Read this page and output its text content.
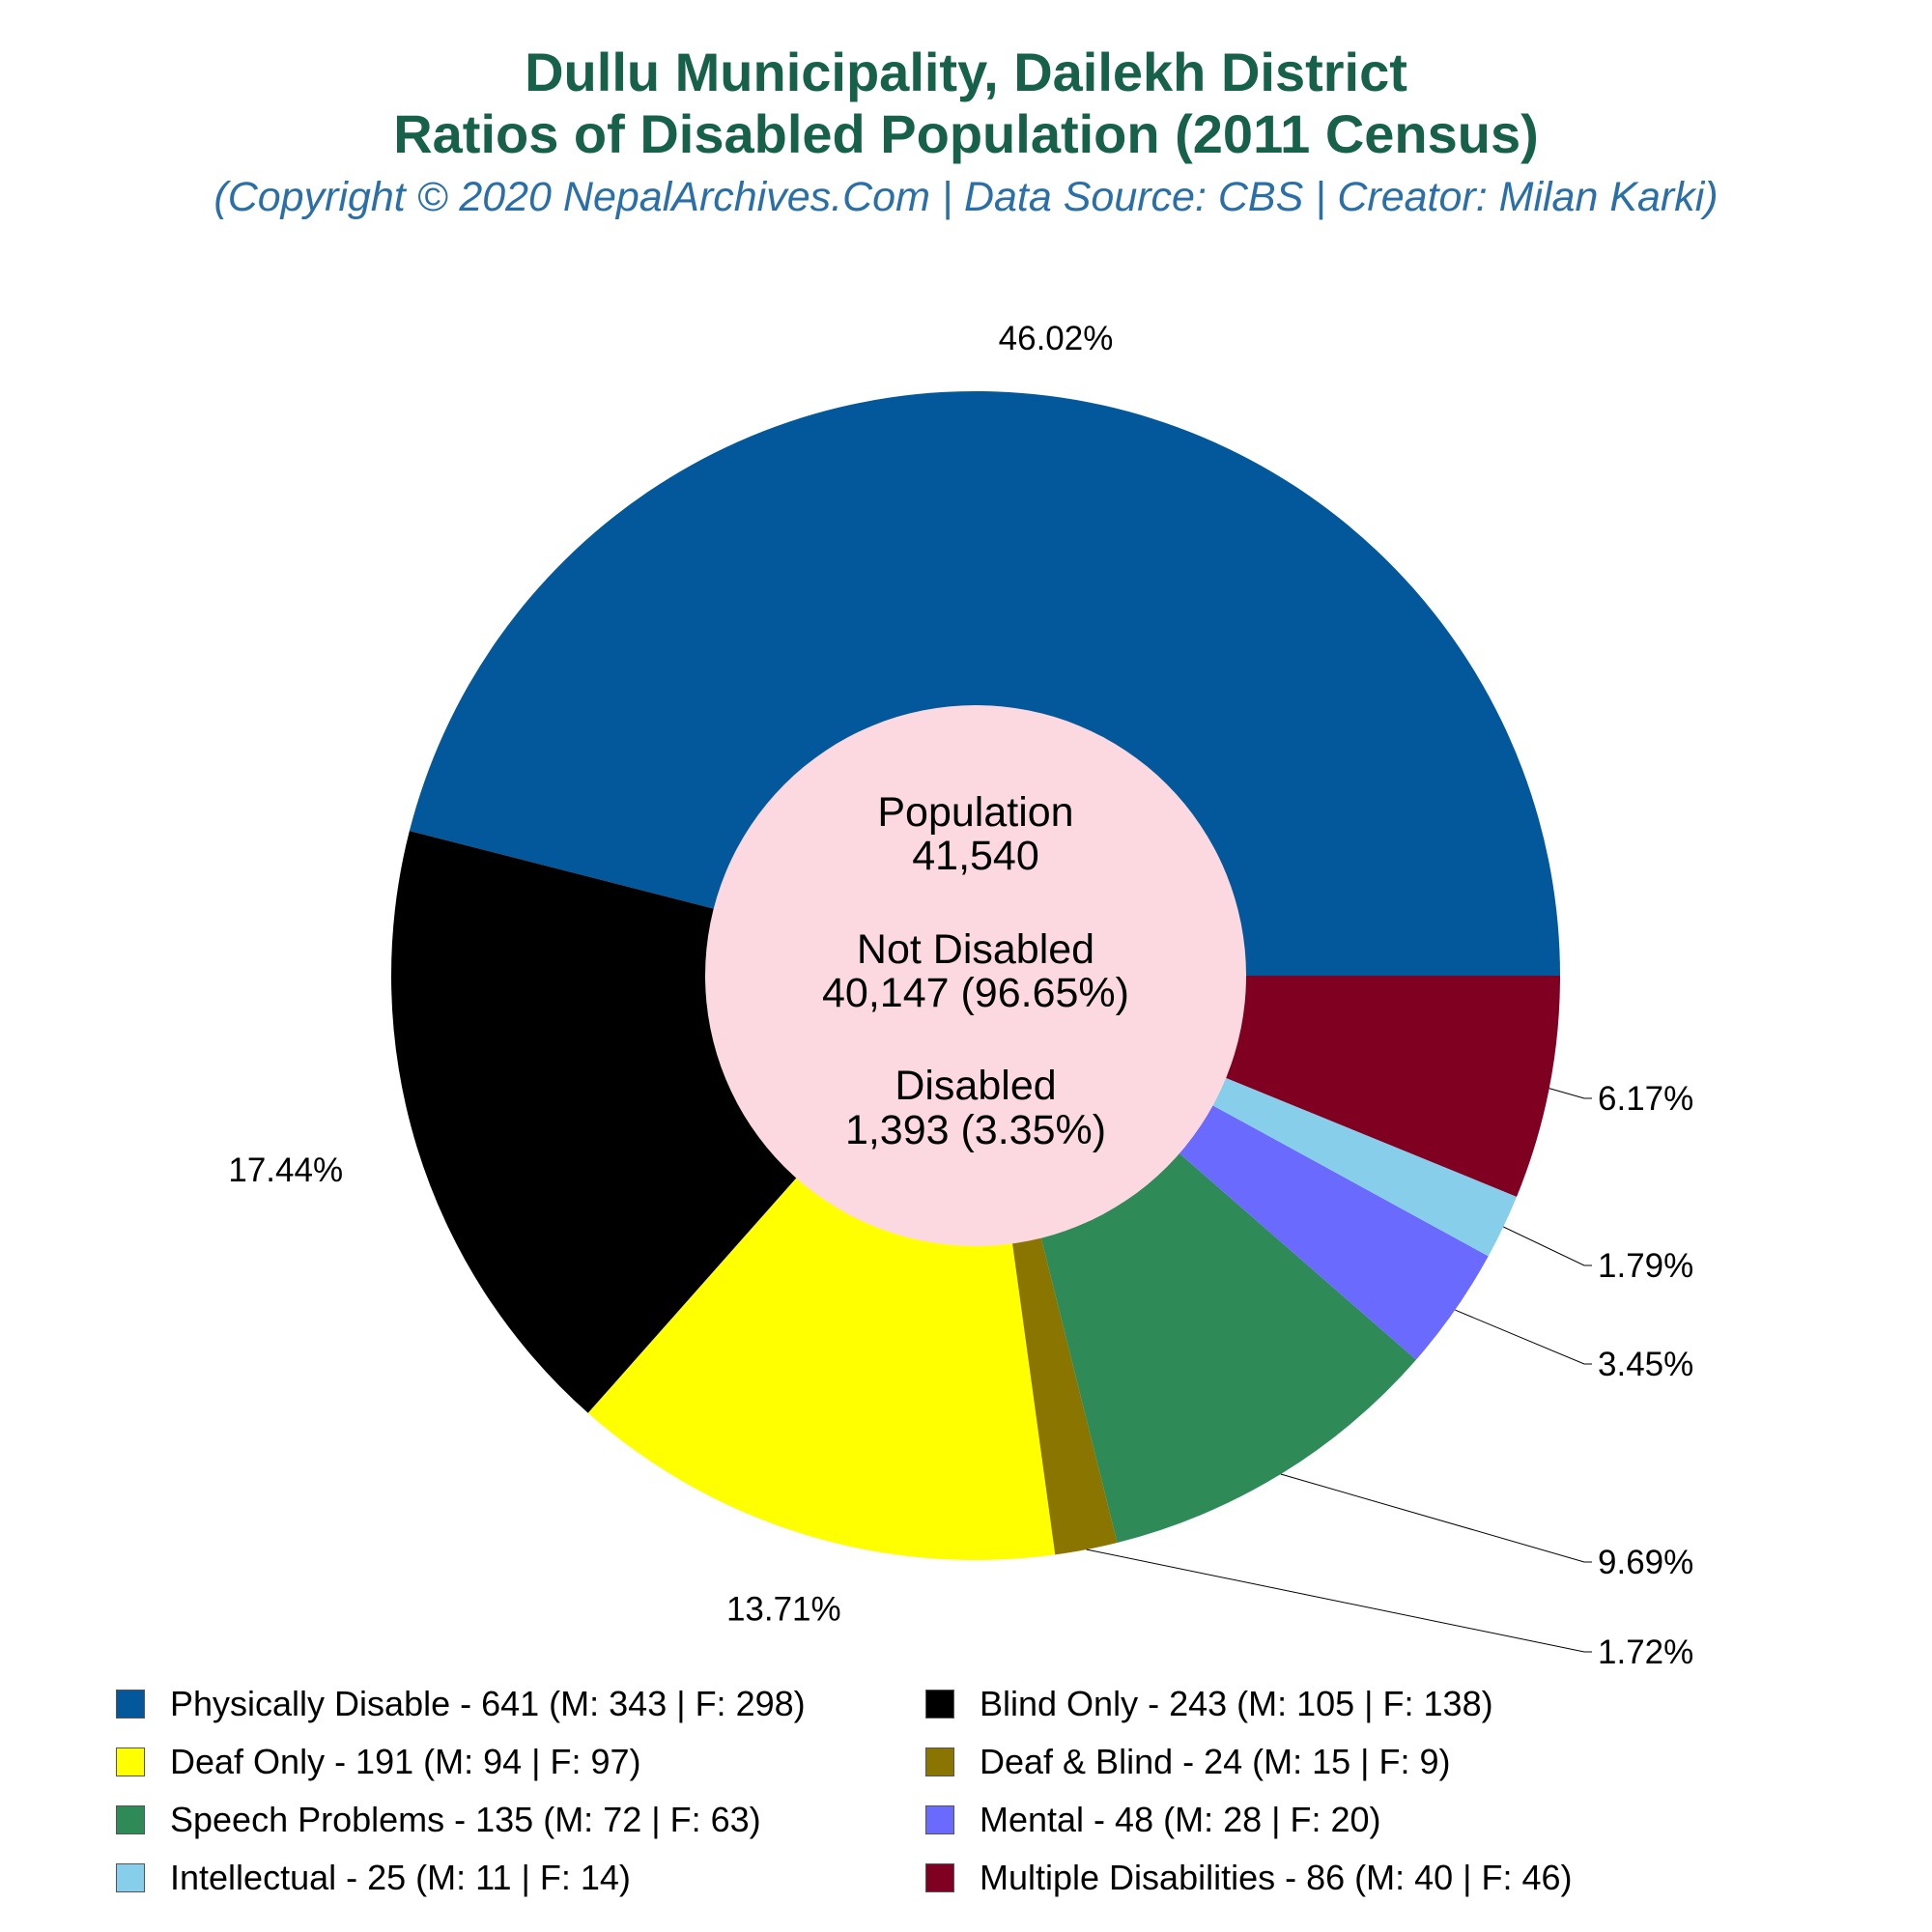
Dullu Municipality, Dailekh District
Ratios of Disabled Population (2011 Census)
(Copyright © 2020 NepalArchives.Com | Data Source: CBS | Creator: Milan Karki)
46.02%
17.44%
13.71%
1.72%
9.69%
3.45%
1.79%
6.17%
Population
41,540
Not Disabled
40,147 (96.65%)
Disabled
1,393 (3.35%)
Physically Disable - 641 (M: 343 | F: 298)	Blind Only - 243 (M: 105 | F: 138)
Deaf Only - 191 (M: 94 | F: 97)	Deaf & Blind - 24 (M: 15 | F: 9)
Speech Problems - 135 (M: 72 | F: 63)	Mental - 48 (M: 28 | F: 20)
Intellectual - 25 (M: 11 | F: 14)	Multiple Disabilities - 86 (M: 40 | F: 46)
